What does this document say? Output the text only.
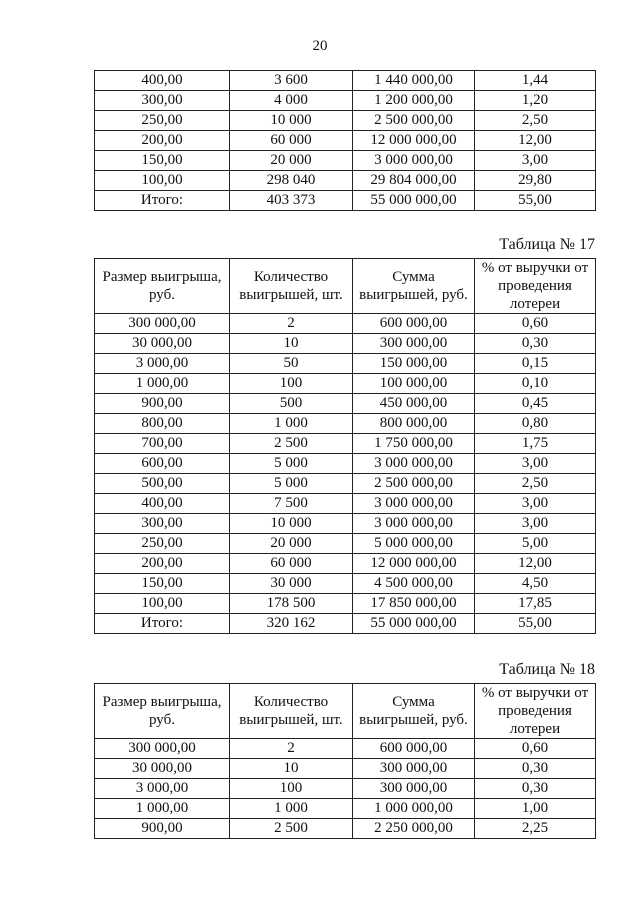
20
400,00	3 600	1 440 000,00	1,44
300,00	4 000	1 200 000,00	1,20
250,00	10 000	2 500 000,00	2,50
200,00	60 000	12 000 000,00	12,00
150,00	20 000	3 000 000,00	3,00
100,00	298 040	29 804 000,00	29,80
Итого:	403 373	55 000 000,00	55,00
Таблица № 17
Размер выигрыша, руб.	Количество выигрышей, шт.	Сумма выигрышей, руб.	% от выручки от проведения лотереи
300 000,00	2	600 000,00	0,60
30 000,00	10	300 000,00	0,30
3 000,00	50	150 000,00	0,15
1 000,00	100	100 000,00	0,10
900,00	500	450 000,00	0,45
800,00	1 000	800 000,00	0,80
700,00	2 500	1 750 000,00	1,75
600,00	5 000	3 000 000,00	3,00
500,00	5 000	2 500 000,00	2,50
400,00	7 500	3 000 000,00	3,00
300,00	10 000	3 000 000,00	3,00
250,00	20 000	5 000 000,00	5,00
200,00	60 000	12 000 000,00	12,00
150,00	30 000	4 500 000,00	4,50
100,00	178 500	17 850 000,00	17,85
Итого:	320 162	55 000 000,00	55,00
Таблица № 18
Размер выигрыша, руб.	Количество выигрышей, шт.	Сумма выигрышей, руб.	% от выручки от проведения лотереи
300 000,00	2	600 000,00	0,60
30 000,00	10	300 000,00	0,30
3 000,00	100	300 000,00	0,30
1 000,00	1 000	1 000 000,00	1,00
900,00	2 500	2 250 000,00	2,25
